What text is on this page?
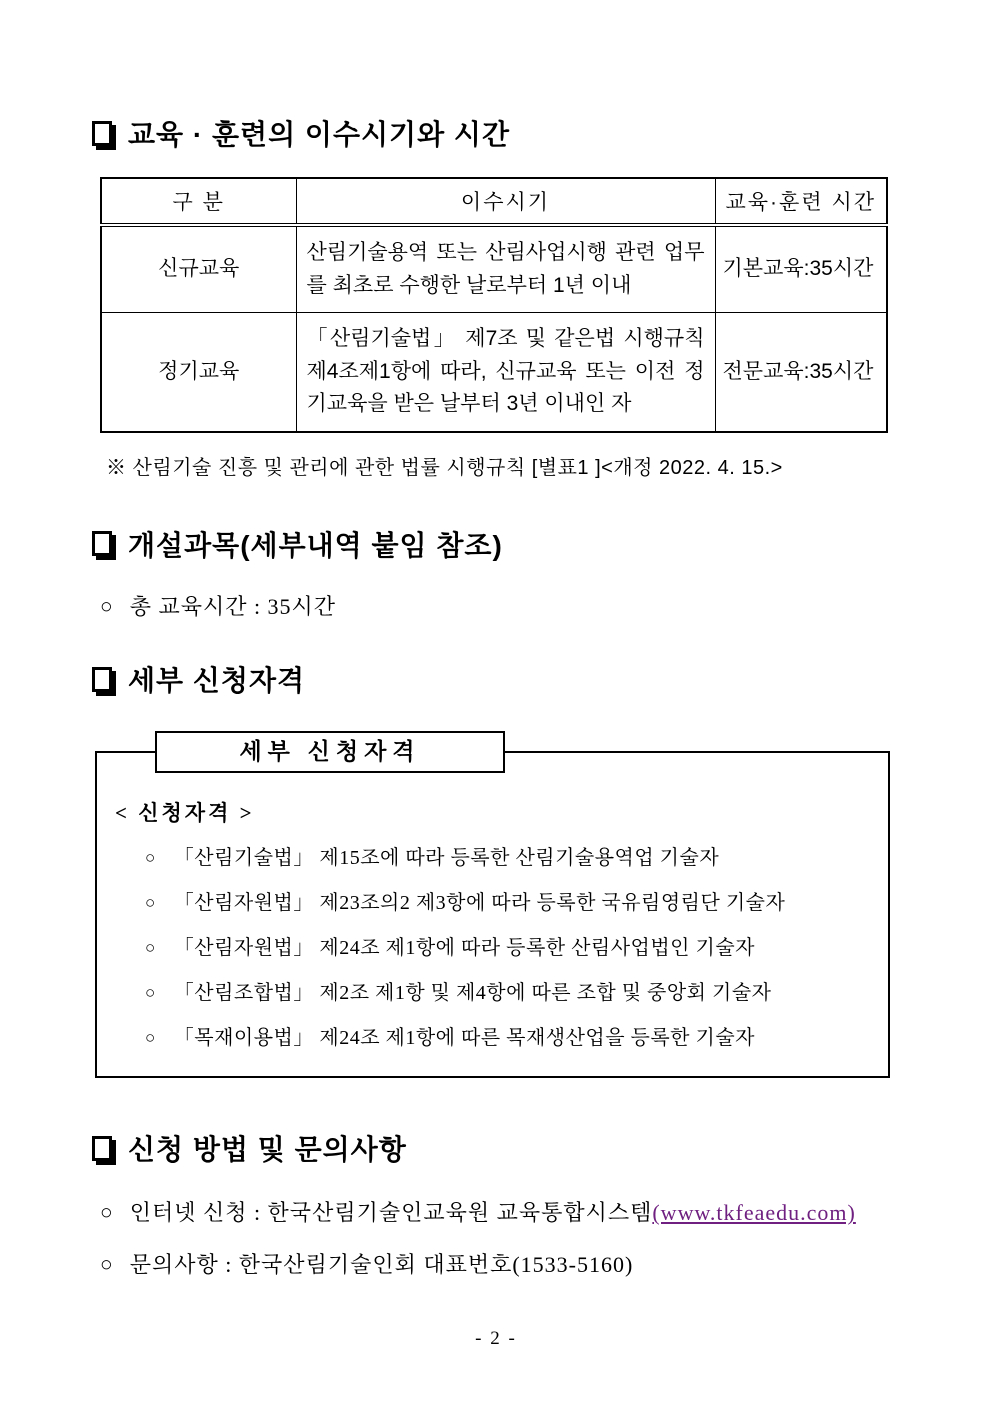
교육 · 훈련의 이수시기와 시간
구 분	이수시기	교육·훈련 시간
신규교육	산림기술용역 또는 산림사업시행 관련 업무를 최초로 수행한 날로부터 1년 이내	기본교육:35시간
정기교육	「산림기술법」 제7조 및 같은법 시행규칙 제4조제1항에 따라, 신규교육 또는 이전 정기교육을 받은 날부터 3년 이내인 자	전문교육:35시간
※ 산림기술 진흥 및 관리에 관한 법률 시행규칙 [별표1 ]<개정 2022. 4. 15.>
개설과목(세부내역 붙임 참조)
○ 총 교육시간 : 35시간
세부 신청자격
세부 신청자격
< 신청자격 >
○ 「산림기술법」 제15조에 따라 등록한 산림기술용역업 기술자
○ 「산림자원법」 제23조의2 제3항에 따라 등록한 국유림영림단 기술자
○ 「산림자원법」 제24조 제1항에 따라 등록한 산림사업법인 기술자
○ 「산림조합법」 제2조 제1항 및 제4항에 따른 조합 및 중앙회 기술자
○ 「목재이용법」 제24조 제1항에 따른 목재생산업을 등록한 기술자
신청 방법 및 문의사항
○ 인터넷 신청 : 한국산림기술인교육원 교육통합시스템(www.tkfeaedu.com)
○ 문의사항 : 한국산림기술인회 대표번호(1533-5160)
- 2 -
